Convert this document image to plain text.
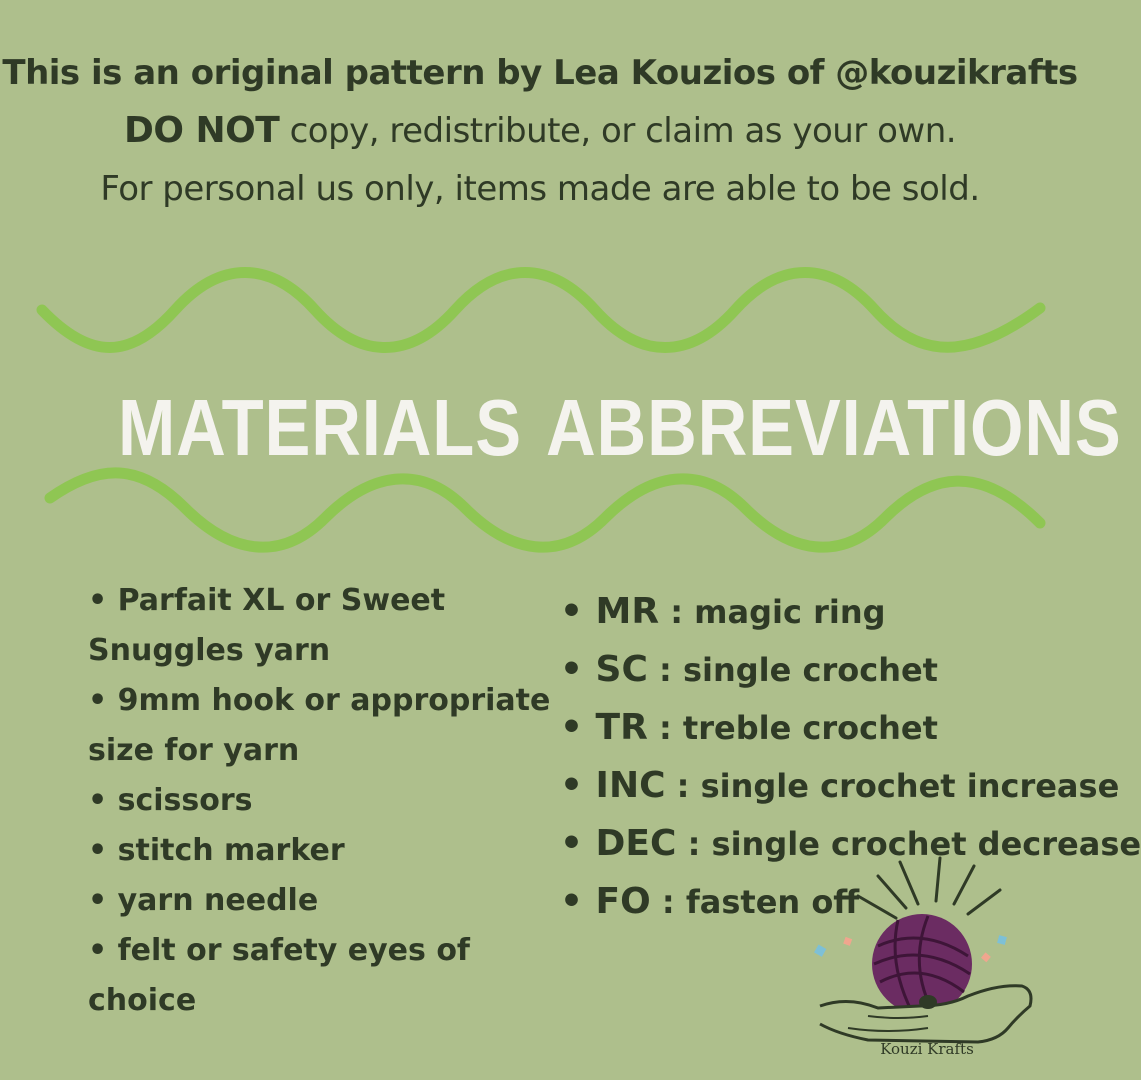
This is an original pattern by Lea Kouzios of @kouzikrafts
DO NOT copy, redistribute, or claim as your own.
For personal us only, items made are able to be sold.
MATERIALS ABBREVIATIONS
• Parfait XL or Sweet Snuggles yarn
• 9mm hook or appropriate size for yarn
• scissors
• stitch marker
• yarn needle
• felt or safety eyes of choice
• MR : magic ring
• SC : single crochet
• TR : treble crochet
• INC : single crochet increase
• DEC : single crochet decrease
• FO : fasten off
Kouzi Krafts
